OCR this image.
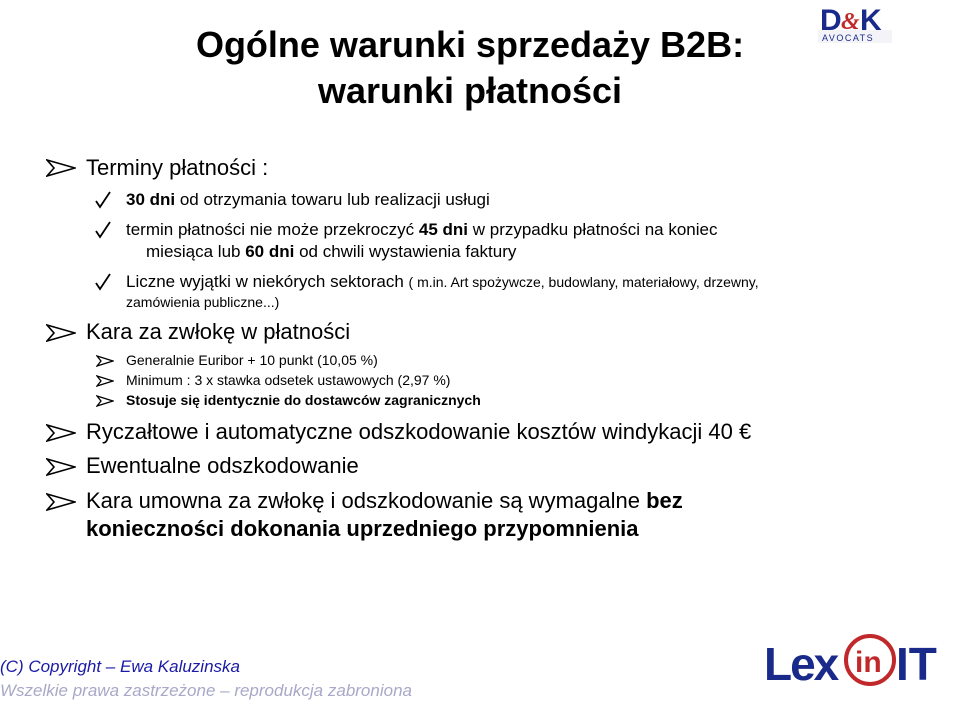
Ogólne warunki sprzedaży B2B:
warunki płatności
D & K
AVOCATS
Terminy płatności :
30 dni od otrzymania towaru lub realizacji usługi
termin płatności nie może przekroczyć 45 dni w przypadku płatności na koniec
miesiąca lub 60 dni od chwili wystawienia faktury
Liczne wyjątki w niekórych sektorach ( m.in. Art spożywcze, budowlany, materiałowy, drzewny,
zamówienia publiczne...)
Kara za zwłokę w płatności
Generalnie Euribor + 10 punkt (10,05 %)
Minimum : 3 x stawka odsetek ustawowych (2,97 %)
Stosuje się identycznie do dostawców zagranicznych
Ryczałtowe i automatyczne odszkodowanie kosztów windykacji 40 €
Ewentualne odszkodowanie
Kara umowna za zwłokę i odszkodowanie są wymagalne bez
konieczności dokonania uprzedniego przypomnienia
(C) Copyright – Ewa Kaluzinska
Wszelkie prawa zastrzeżone – reprodukcja zabroniona
Lex in IT
